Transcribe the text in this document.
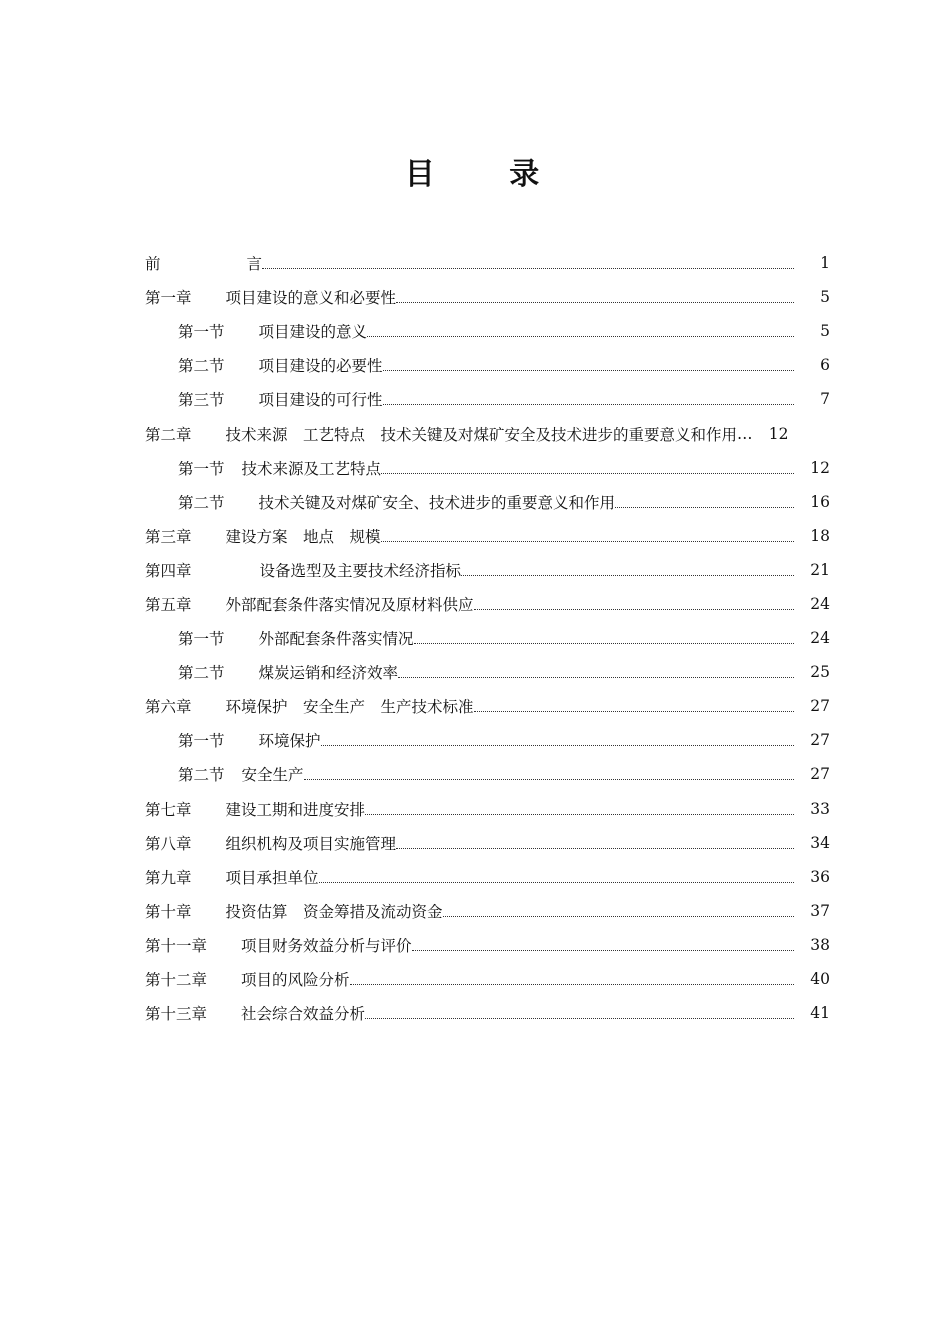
目 录
前	言	1
第一章 项目建设的意义和必要性	5
第一节 项目建设的意义	5
第二节 项目建设的必要性	6
第三节 项目建设的可行性	7
第二章 技术来源　工艺特点　技术关键及对煤矿安全及技术进步的重要意义和作用 …	12
第一节 技术来源及工艺特点	12
第二节 技术关键及对煤矿安全、技术进步的重要意义和作用	16
第三章 建设方案　地点　规模	18
第四章	设备选型及主要技术经济指标	21
第五章 外部配套条件落实情况及原材料供应	24
第一节 外部配套条件落实情况	24
第二节 煤炭运销和经济效率	25
第六章 环境保护　安全生产　生产技术标准	27
第一节 环境保护	27
第二节 安全生产	27
第七章 建设工期和进度安排	33
第八章 组织机构及项目实施管理	34
第九章 项目承担单位	36
第十章 投资估算　资金筹措及流动资金	37
第十一章 项目财务效益分析与评价	38
第十二章 项目的风险分析	40
第十三章 社会综合效益分析	41
